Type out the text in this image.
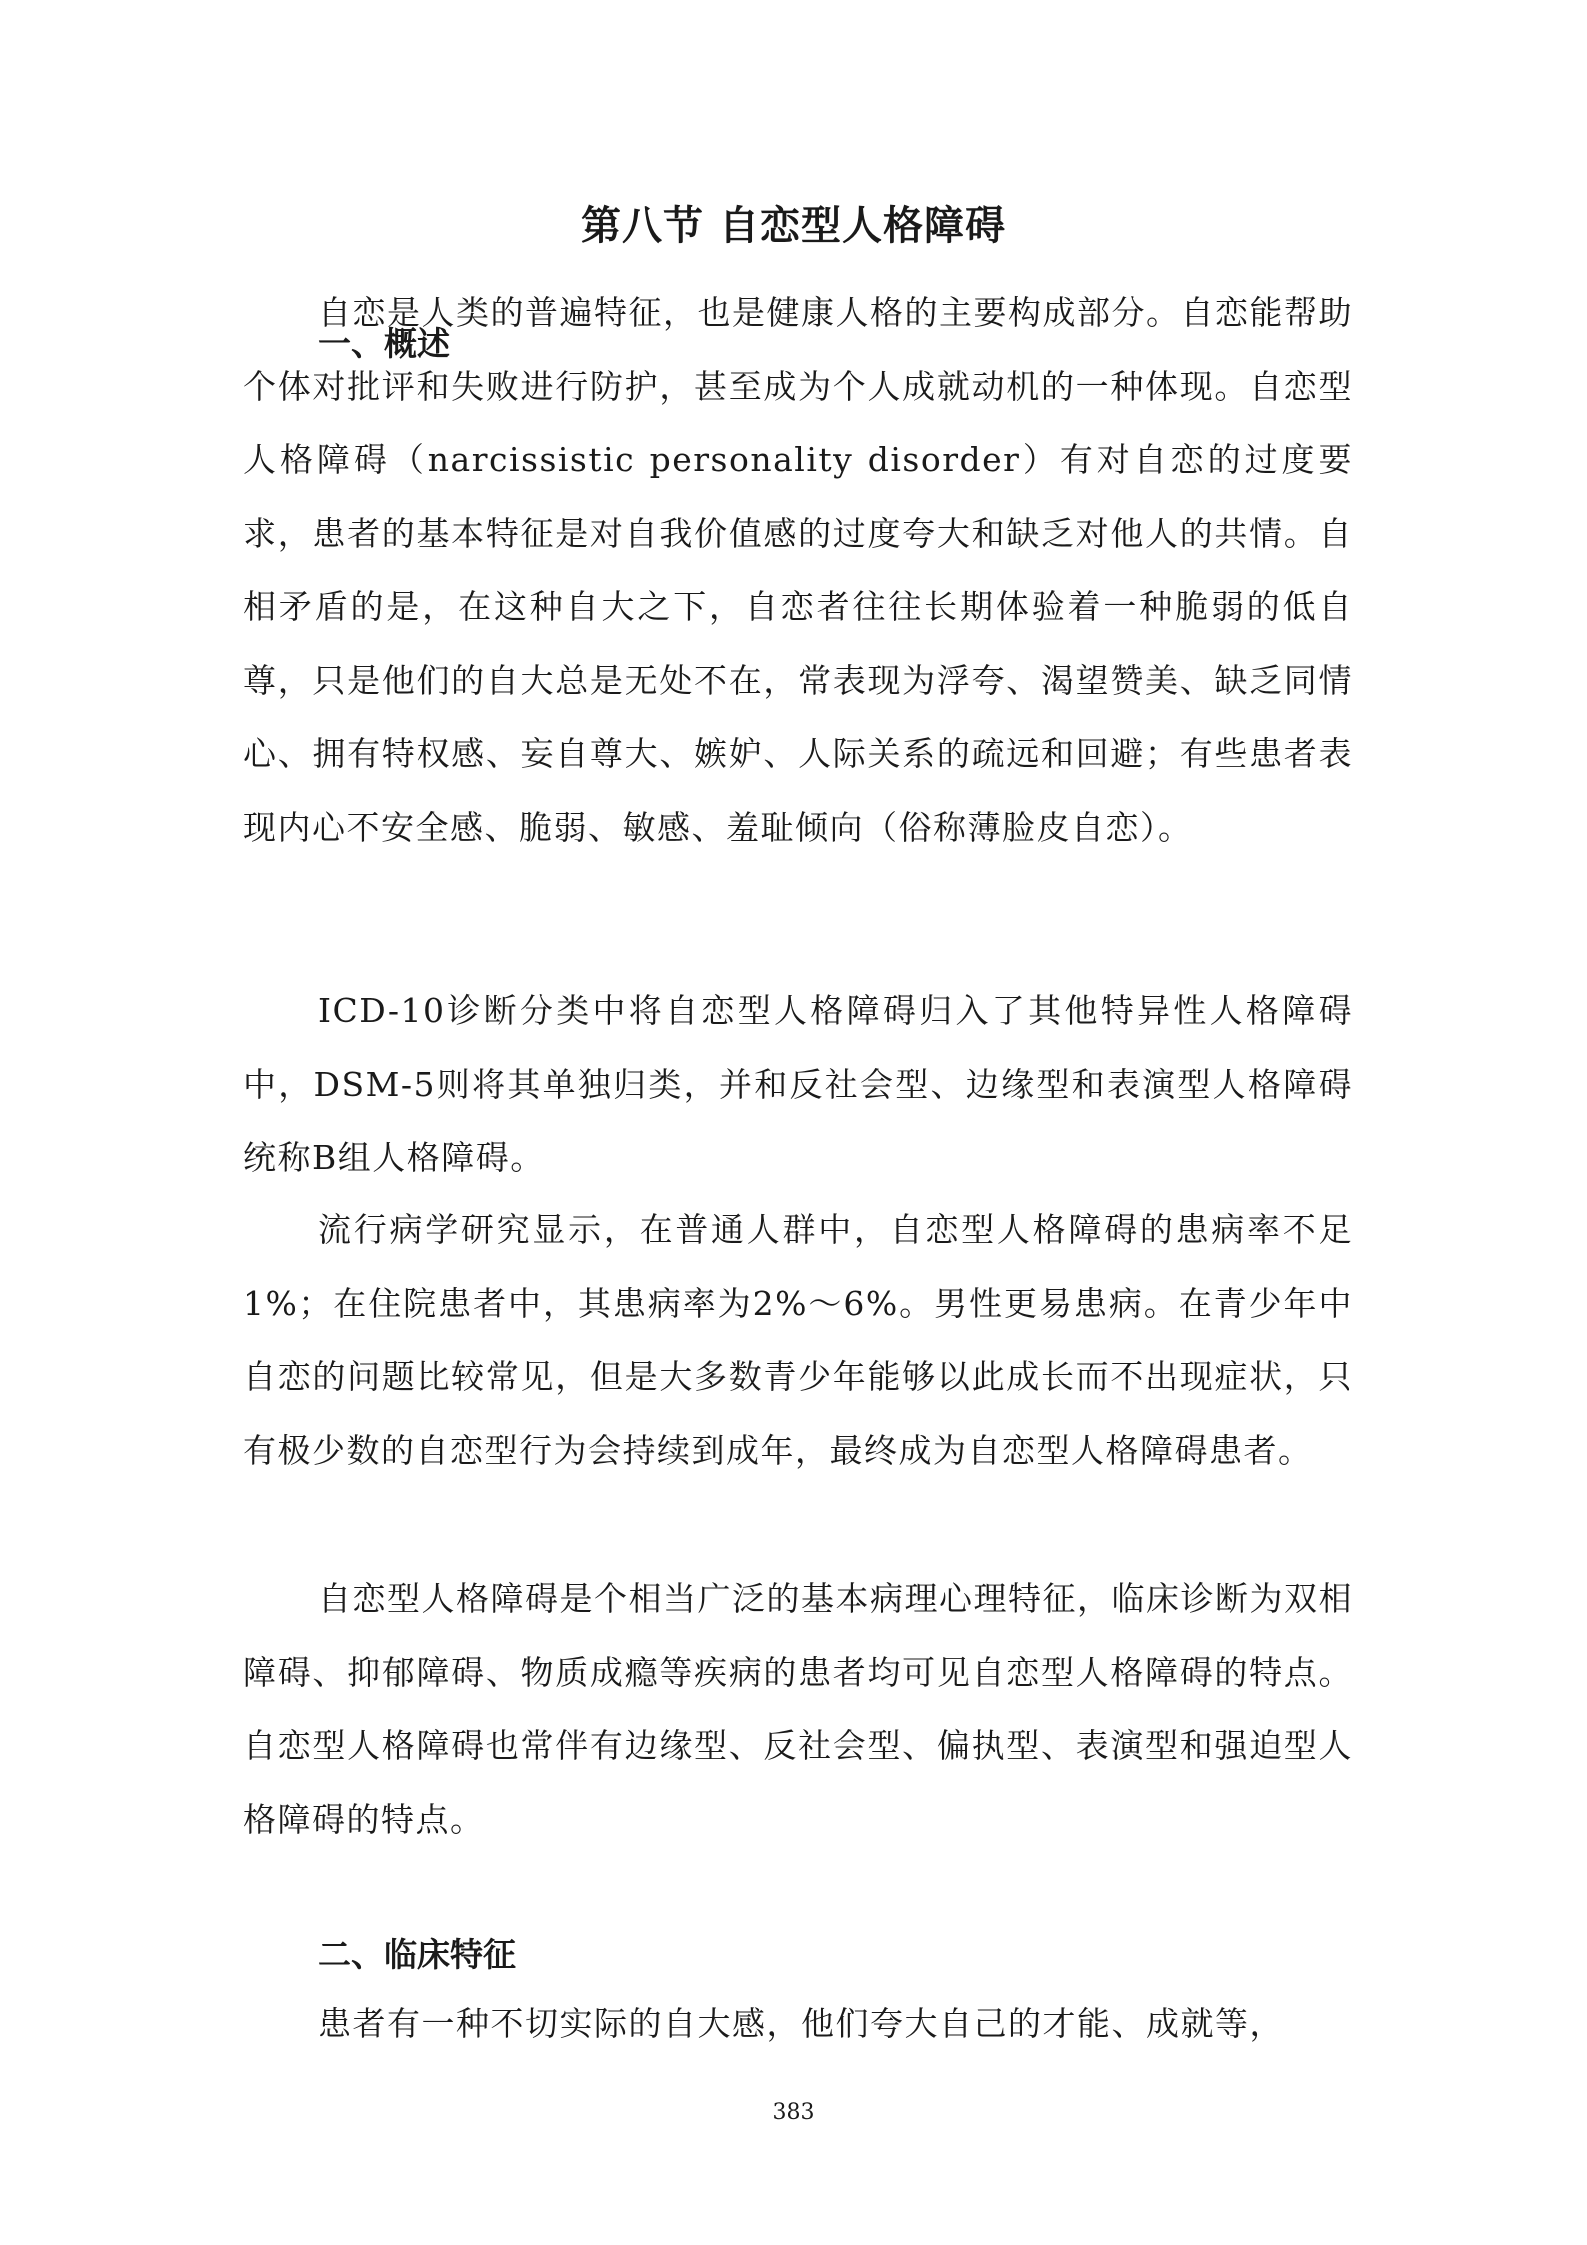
第八节 自恋型人格障碍
一、概述

自恋是人类的普遍特征，也是健康人格的主要构成部分。自恋能帮助个体对批评和失败进行防护，甚至成为个人成就动机的一种体现。自恋型人格障碍（narcissistic personality disorder）有对自恋的过度要求，患者的基本特征是对自我价值感的过度夸大和缺乏对他人的共情。自相矛盾的是，在这种自大之下，自恋者往往长期体验着一种脆弱的低自尊，只是他们的自大总是无处不在，常表现为浮夸、渴望赞美、缺乏同情心、拥有特权感、妄自尊大、嫉妒、人际关系的疏远和回避；有些患者表现内心不安全感、脆弱、敏感、羞耻倾向（俗称薄脸皮自恋）。

ICD-10诊断分类中将自恋型人格障碍归入了其他特异性人格障碍中，DSM-5则将其单独归类，并和反社会型、边缘型和表演型人格障碍统称B组人格障碍。

流行病学研究显示，在普通人群中，自恋型人格障碍的患病率不足1%；在住院患者中，其患病率为2%～6%。男性更易患病。在青少年中自恋的问题比较常见，但是大多数青少年能够以此成长而不出现症状，只有极少数的自恋型行为会持续到成年，最终成为自恋型人格障碍患者。

自恋型人格障碍是个相当广泛的基本病理心理特征，临床诊断为双相障碍、抑郁障碍、物质成瘾等疾病的患者均可见自恋型人格障碍的特点。自恋型人格障碍也常伴有边缘型、反社会型、偏执型、表演型和强迫型人格障碍的特点。

二、临床特征

患者有一种不切实际的自大感，他们夸大自己的才能、成就等，

383
